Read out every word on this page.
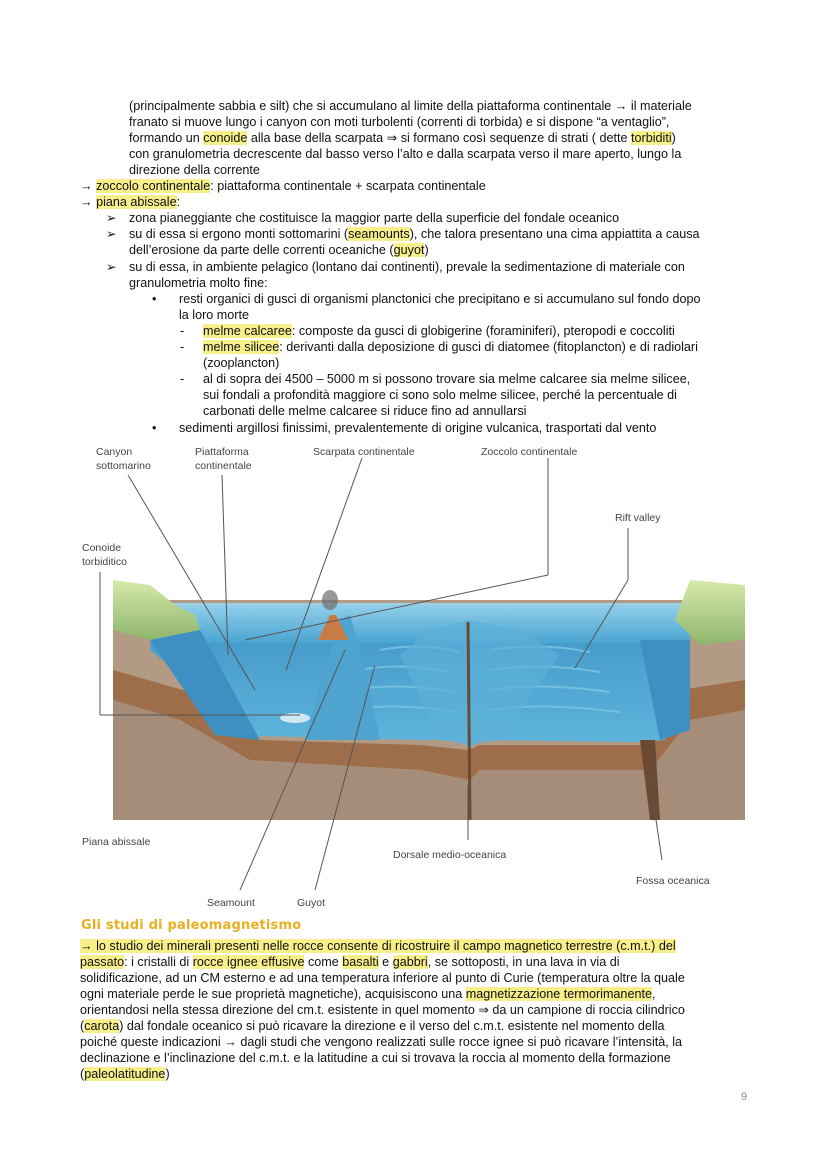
(principalmente sabbia e silt) che si accumulano al limite della piattaforma continentale → il materiale
franato si muove lungo i canyon con moti turbolenti (correnti di torbida) e si dispone “a ventaglio”,
formando un conoide alla base della scarpata ⇒ si formano così sequenze di strati ( dette torbiditi)
con granulometria decrescente dal basso verso l’alto e dalla scarpata verso il mare aperto, lungo la
direzione della corrente
→ zoccolo continentale: piattaforma continentale + scarpata continentale
→ piana abissale:
➢ zona pianeggiante che costituisce la maggior parte della superficie del fondale oceanico
➢ su di essa si ergono monti sottomarini (seamounts), che talora presentano una cima appiattita a causa
dell’erosione da parte delle correnti oceaniche (guyot)
➢ su di essa, in ambiente pelagico (lontano dai continenti), prevale la sedimentazione di materiale con
granulometria molto fine:
• resti organici di gusci di organismi planctonici che precipitano e si accumulano sul fondo dopo
la loro morte
- melme calcaree: composte da gusci di globigerine (foraminiferi), pteropodi e coccoliti
- melme silicee: derivanti dalla deposizione di gusci di diatomee (fitoplancton) e di radiolari
(zooplancton)
- al di sopra dei 4500 – 5000 m si possono trovare sia melme calcaree sia melme silicee,
sui fondali a profondità maggiore ci sono solo melme silicee, perché la percentuale di
carbonati delle melme calcaree si riduce fino ad annullarsi
• sedimenti argillosi finissimi, prevalentemente di origine vulcanica, trasportati dal vento
Canyon
sottomarino
Piattaforma
continentale
Scarpata continentale	Zoccolo continentale
Rift valley
Conoide
torbiditico
Piana abissale
Dorsale medio-oceanica
Fossa oceanica
Seamount	Guyot
Gli studi di paleomagnetismo
→ lo studio dei minerali presenti nelle rocce consente di ricostruire il campo magnetico terrestre (c.m.t.) del
passato: i cristalli di rocce ignee effusive come basalti e gabbri, se sottoposti, in una lava in via di
solidificazione, ad un CM esterno e ad una temperatura inferiore al punto di Curie (temperatura oltre la quale
ogni materiale perde le sue proprietà magnetiche), acquisiscono una magnetizzazione termorimanente,
orientandosi nella stessa direzione del cm.t. esistente in quel momento ⇒ da un campione di roccia cilindrico
(carota) dal fondale oceanico si può ricavare la direzione e il verso del c.m.t. esistente nel momento della
poiché queste indicazioni → dagli studi che vengono realizzati sulle rocce ignee si può ricavare l’intensità, la
declinazione e l’inclinazione del c.m.t. e la latitudine a cui si trovava la roccia al momento della formazione
(paleolatitudine)
9
